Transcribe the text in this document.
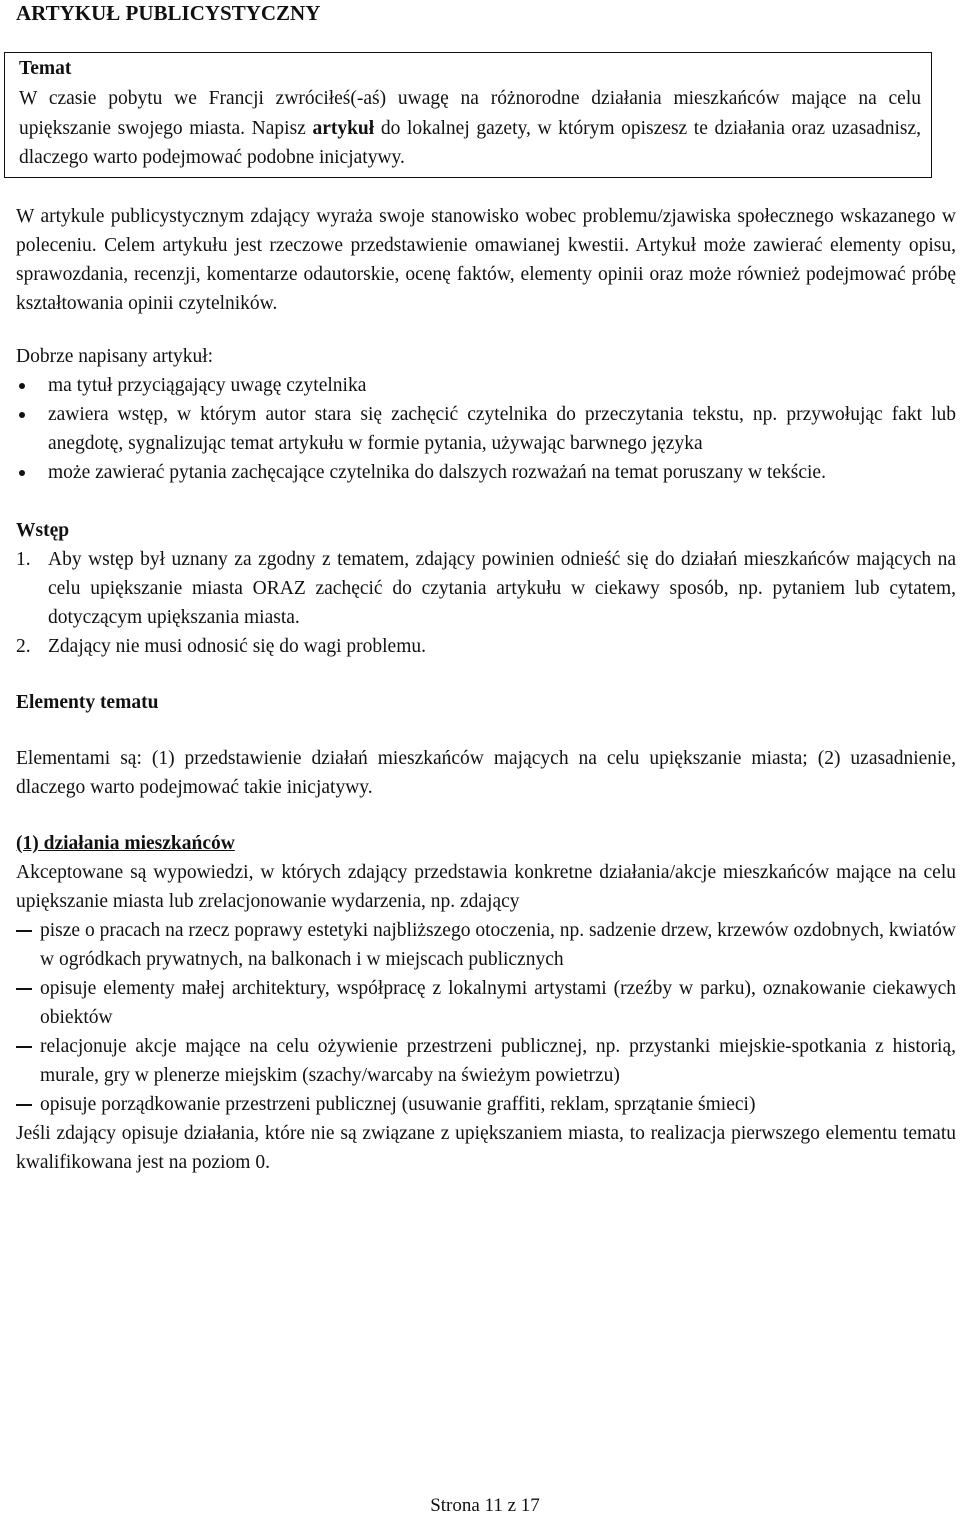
ARTYKUŁ PUBLICYSTYCZNY
Temat
W czasie pobytu we Francji zwróciłeś(-aś) uwagę na różnorodne działania mieszkańców mające na celu upiększanie swojego miasta. Napisz artykuł do lokalnej gazety, w którym opiszesz te działania oraz uzasadnisz, dlaczego warto podejmować podobne inicjatywy.

W artykule publicystycznym zdający wyraża swoje stanowisko wobec problemu/zjawiska społecznego wskazanego w poleceniu. Celem artykułu jest rzeczowe przedstawienie omawianej kwestii. Artykuł może zawierać elementy opisu, sprawozdania, recenzji, komentarze odautorskie, ocenę faktów, elementy opinii oraz może również podejmować próbę kształtowania opinii czytelników.

Dobrze napisany artykuł:

ma tytuł przyciągający uwagę czytelnika
zawiera wstęp, w którym autor stara się zachęcić czytelnika do przeczytania tekstu, np. przywołując fakt lub anegdotę, sygnalizując temat artykułu w formie pytania, używając barwnego języka
może zawierać pytania zachęcające czytelnika do dalszych rozważań na temat poruszany w tekście.
Wstęp
1. Aby wstęp był uznany za zgodny z tematem, zdający powinien odnieść się do działań mieszkańców mających na celu upiększanie miasta ORAZ zachęcić do czytania artykułu w ciekawy sposób, np. pytaniem lub cytatem, dotyczącym upiększania miasta.
2. Zdający nie musi odnosić się do wagi problemu.
Elementy tematu

Elementami są: (1) przedstawienie działań mieszkańców mających na celu upiększanie miasta; (2) uzasadnienie, dlaczego warto podejmować takie inicjatywy.

(1) działania mieszkańców

Akceptowane są wypowiedzi, w których zdający przedstawia konkretne działania/akcje mieszkańców mające na celu upiększanie miasta lub zrelacjonowanie wydarzenia, np. zdający

pisze o pracach na rzecz poprawy estetyki najbliższego otoczenia, np. sadzenie drzew, krzewów ozdobnych, kwiatów w ogródkach prywatnych, na balkonach i w miejscach publicznych
opisuje elementy małej architektury, współpracę z lokalnymi artystami (rzeźby w parku), oznakowanie ciekawych obiektów
relacjonuje akcje mające na celu ożywienie przestrzeni publicznej, np. przystanki miejskie-spotkania z historią, murale, gry w plenerze miejskim (szachy/warcaby na świeżym powietrzu)
opisuje porządkowanie przestrzeni publicznej (usuwanie graffiti, reklam, sprzątanie śmieci)

Jeśli zdający opisuje działania, które nie są związane z upiększaniem miasta, to realizacja pierwszego elementu tematu kwalifikowana jest na poziom 0.

Strona 11 z 17
